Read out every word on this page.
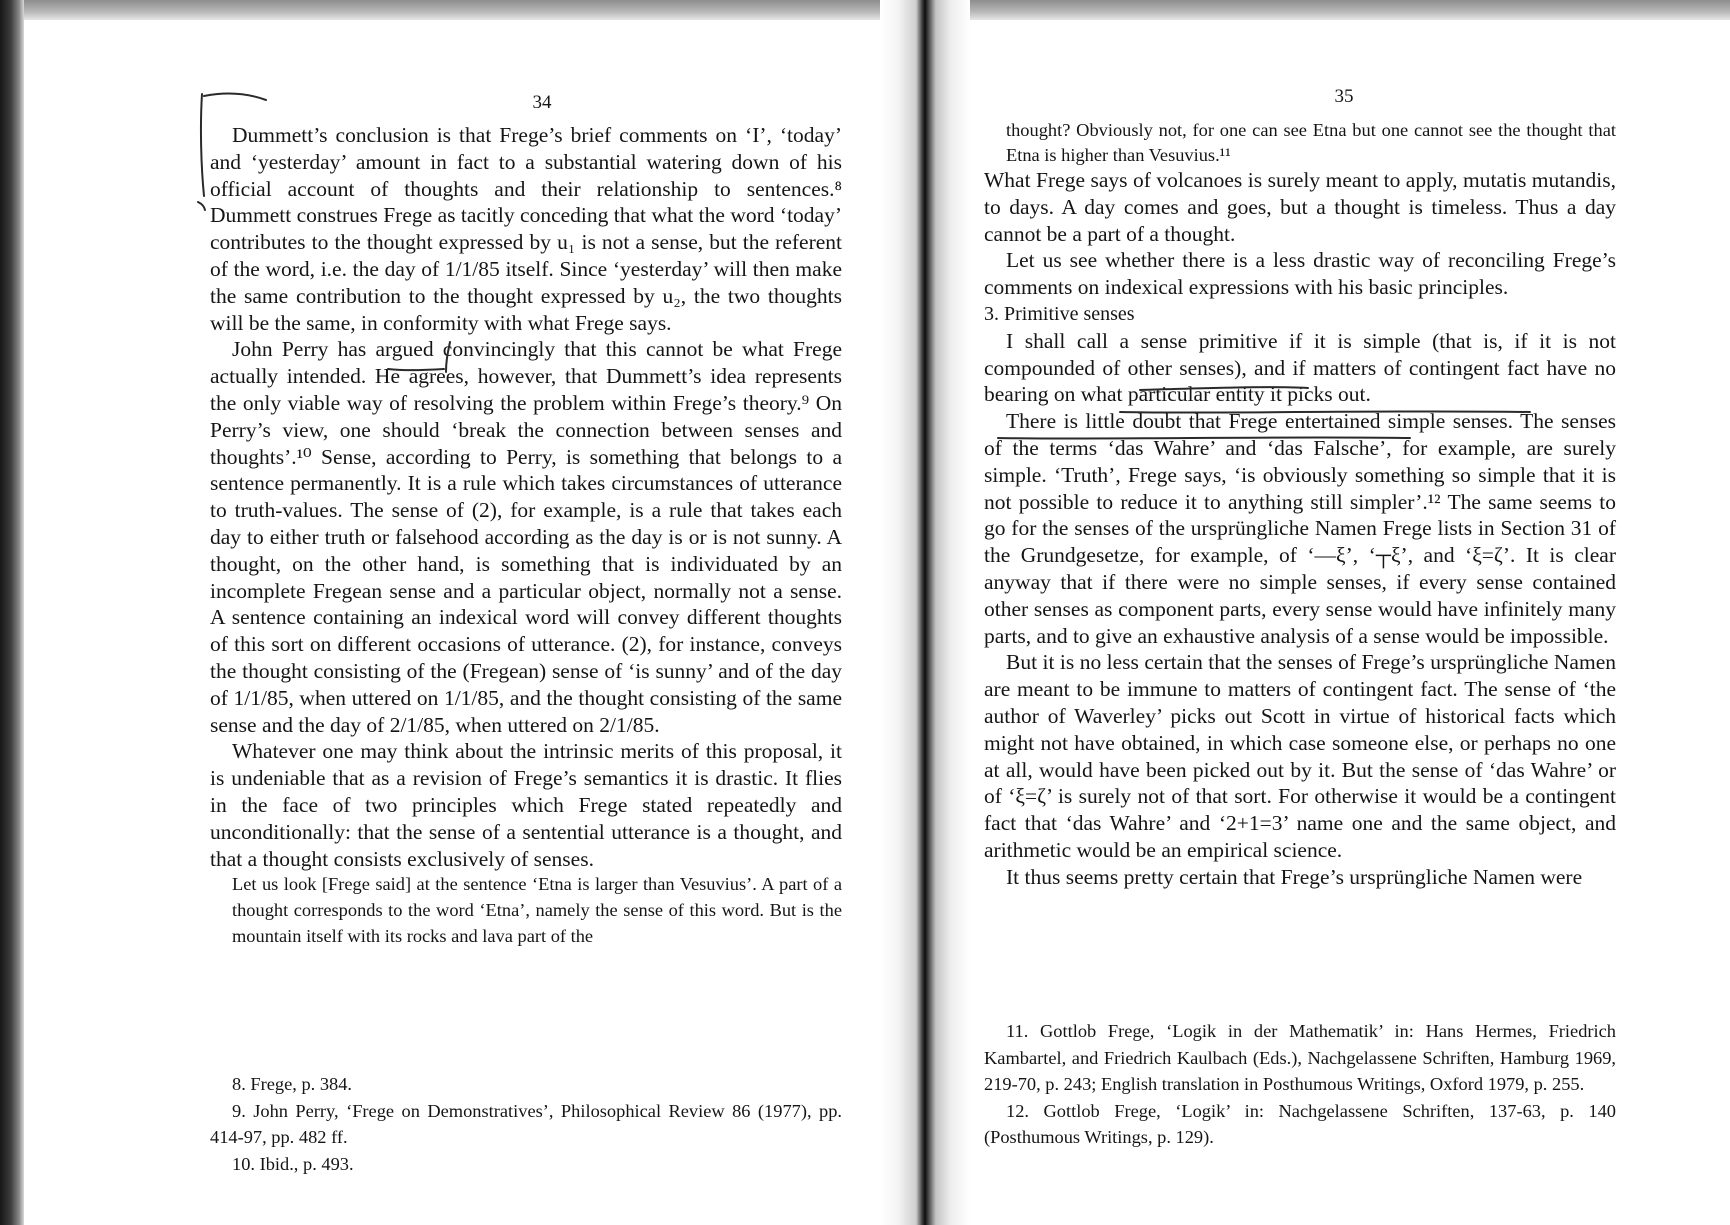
34

Dummett’s conclusion is that Frege’s brief comments on ‘I’, ‘today’ and ‘yesterday’ amount in fact to a substantial watering down of his official account of thoughts and their relationship to sentences.⁸ Dummett construes Frege as tacitly conceding that what the word ‘today’ contributes to the thought expressed by u₁ is not a sense, but the referent of the word, i.e. the day of 1/1/85 itself. Since ‘yesterday’ will then make the same contribution to the thought expressed by u₂, the two thoughts will be the same, in conformity with what Frege says.

John Perry has argued convincingly that this cannot be what Frege actually intended. He agrees, however, that Dummett’s idea represents the only viable way of resolving the problem within Frege’s theory.⁹ On Perry’s view, one should ‘break the connection between senses and thoughts’.¹⁰ Sense, according to Perry, is something that belongs to a sentence permanently. It is a rule which takes circumstances of utterance to truth-values. The sense of (2), for example, is a rule that takes each day to either truth or falsehood according as the day is or is not sunny. A thought, on the other hand, is something that is individuated by an incomplete Fregean sense and a particular object, normally not a sense. A sentence containing an indexical word will convey different thoughts of this sort on different occasions of utterance. (2), for instance, conveys the thought consisting of the (Fregean) sense of ‘is sunny’ and of the day of 1/1/85, when uttered on 1/1/85, and the thought consisting of the same sense and the day of 2/1/85, when uttered on 2/1/85.

Whatever one may think about the intrinsic merits of this proposal, it is undeniable that as a revision of Frege’s semantics it is drastic. It flies in the face of two principles which Frege stated repeatedly and unconditionally: that the sense of a sentential utterance is a thought, and that a thought consists exclusively of senses.

Let us look [Frege said] at the sentence ‘Etna is larger than Vesuvius’. A part of a thought corresponds to the word ‘Etna’, namely the sense of this word. But is the mountain itself with its rocks and lava part of the

8. Frege, p. 384.

9. John Perry, ‘Frege on Demonstratives’, Philosophical Review 86 (1977), pp. 414-97, pp. 482 ff.

10. Ibid., p. 493.

35

thought? Obviously not, for one can see Etna but one cannot see the thought that Etna is higher than Vesuvius.¹¹

What Frege says of volcanoes is surely meant to apply, mutatis mutandis, to days. A day comes and goes, but a thought is timeless. Thus a day cannot be a part of a thought.

Let us see whether there is a less drastic way of reconciling Frege’s comments on indexical expressions with his basic principles.

3. Primitive senses

I shall call a sense primitive if it is simple (that is, if it is not compounded of other senses), and if matters of contingent fact have no bearing on what particular entity it picks out.

There is little doubt that Frege entertained simple senses. The senses of the terms ‘das Wahre’ and ‘das Falsche’, for example, are surely simple. ‘Truth’, Frege says, ‘is obviously something so simple that it is not possible to reduce it to anything still simpler’.¹² The same seems to go for the senses of the ursprüngliche Namen Frege lists in Section 31 of the Grundgesetze, for example, of ‘—ξ’, ‘┬ξ’, and ‘ξ=ζ’. It is clear anyway that if there were no simple senses, if every sense contained other senses as component parts, every sense would have infinitely many parts, and to give an exhaustive analysis of a sense would be impossible.

But it is no less certain that the senses of Frege’s ursprüngliche Namen are meant to be immune to matters of contingent fact. The sense of ‘the author of Waverley’ picks out Scott in virtue of historical facts which might not have obtained, in which case someone else, or perhaps no one at all, would have been picked out by it. But the sense of ‘das Wahre’ or of ‘ξ=ζ’ is surely not of that sort. For otherwise it would be a contingent fact that ‘das Wahre’ and ‘2+1=3’ name one and the same object, and arithmetic would be an empirical science.

It thus seems pretty certain that Frege’s ursprüngliche Namen were

11. Gottlob Frege, ‘Logik in der Mathematik’ in: Hans Hermes, Friedrich Kambartel, and Friedrich Kaulbach (Eds.), Nachgelassene Schriften, Hamburg 1969, 219-70, p. 243; English translation in Posthumous Writings, Oxford 1979, p. 255.

12. Gottlob Frege, ‘Logik’ in: Nachgelassene Schriften, 137-63, p. 140 (Posthumous Writings, p. 129).
